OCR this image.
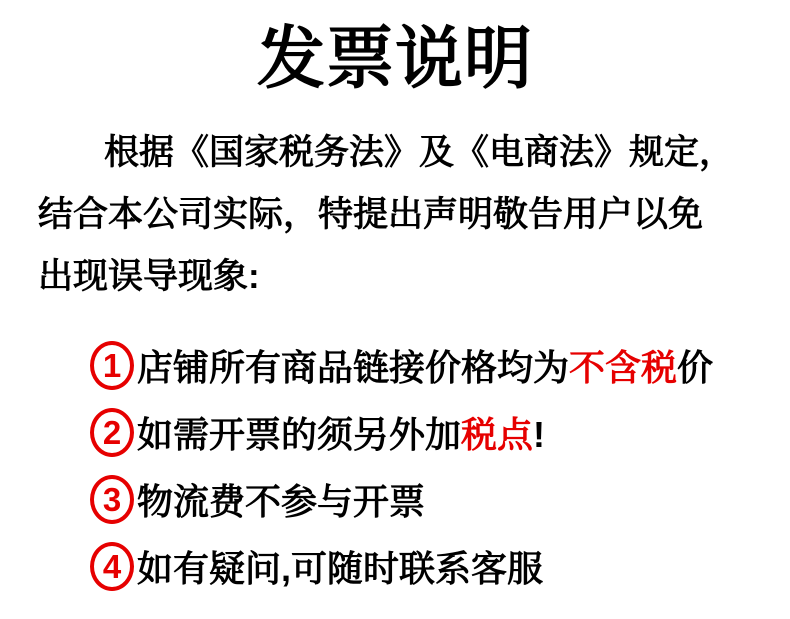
发票说明
根据《国家税务法》及《电商法》规定，
结合本公司实际，特提出声明敬告用户以免
出现误导现象:
1 店铺所有商品链接价格均为不含税价
2 如需开票的须另外加税点!
3 物流费不参与开票
4 如有疑问,可随时联系客服
